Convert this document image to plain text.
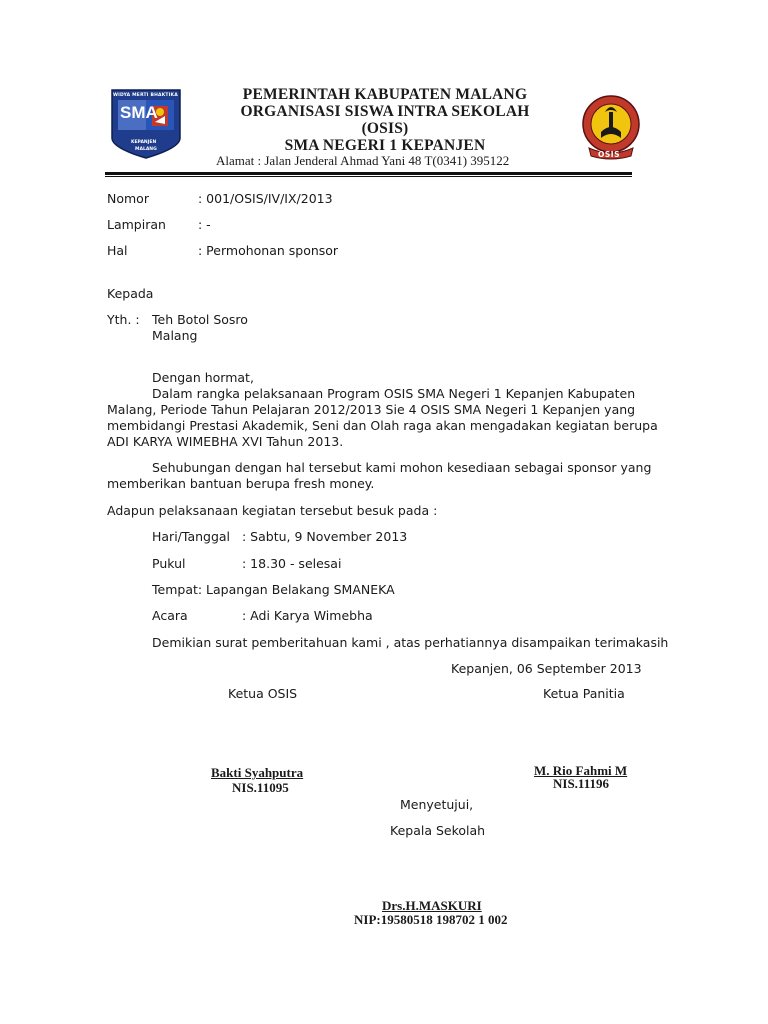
WIDYA MERTI BHAKTIKA
SMA
KEPANJEN
MALANG
OSIS
PEMERINTAH KABUPATEN MALANG
ORGANISASI SISWA INTRA SEKOLAH
(OSIS)
SMA NEGERI 1 KEPANJEN
Alamat : Jalan Jenderal Ahmad Yani 48 T(0341) 395122
Nomor	: 001/OSIS/IV/IX/2013
Lampiran	: -
Hal	: Permohonan sponsor
Kepada
Yth. : Teh Botol Sosro
Malang
Dengan hormat,
Dalam rangka pelaksanaan Program OSIS SMA Negeri 1 Kepanjen Kabupaten
Malang, Periode Tahun Pelajaran 2012/2013 Sie 4 OSIS SMA Negeri 1 Kepanjen yang
membidangi Prestasi Akademik, Seni dan Olah raga akan mengadakan kegiatan berupa
ADI KARYA WIMEBHA XVI Tahun 2013.
Sehubungan dengan hal tersebut kami mohon kesediaan sebagai sponsor yang
memberikan bantuan berupa fresh money.
Adapun pelaksanaan kegiatan tersebut besuk pada :
Hari/Tanggal : Sabtu, 9 November 2013
Pukul	: 18.30 - selesai
Tempat: Lapangan Belakang SMANEKA
Acara	: Adi Karya Wimebha
Demikian surat pemberitahuan kami , atas perhatiannya disampaikan terimakasih
Kepanjen, 06 September 2013
Ketua OSIS	Ketua Panitia
Bakti Syahputra
NIS.11095
M. Rio Fahmi M
NIS.11196
Menyetujui,
Kepala Sekolah
Drs.H.MASKURI
NIP:19580518 198702 1 002
